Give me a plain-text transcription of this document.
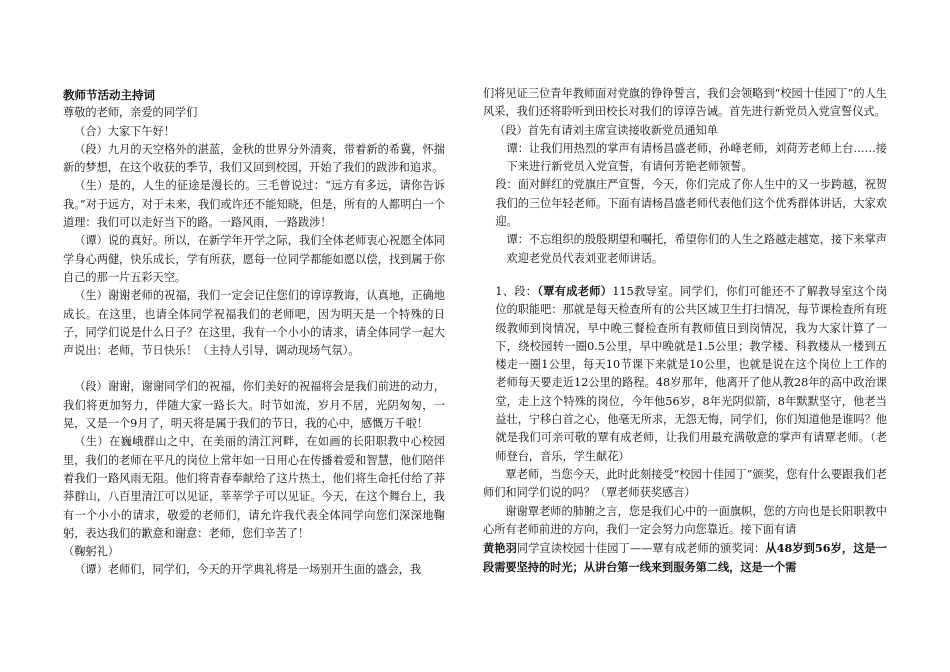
教师节活动主持词

尊敬的老师，亲爱的同学们

（合）大家下午好！

（段）九月的天空格外的湛蓝，金秋的世界分外清爽，带着新的希冀，怀揣新的梦想，在这个收获的季节，我们又回到校园，开始了我们的跋涉和追求。

（生）是的，人生的征途是漫长的。三毛曾说过：“远方有多远，请你告诉我。”对于远方，对于未来，我们或许还不能知晓，但是，所有的人都明白一个道理：我们可以走好当下的路。一路风雨，一路跋涉！

（谭）说的真好。所以，在新学年开学之际，我们全体老师衷心祝愿全体同学身心两健，快乐成长，学有所获，愿每一位同学都能如愿以偿，找到属于你自己的那一片五彩天空。

（生）谢谢老师的祝福，我们一定会记住您们的谆谆教诲，认真地，正确地成长。在这里，也请全体同学祝福我们的老师吧，因为明天是一个特殊的日子，同学们说是什么日子？在这里，我有一个小小的请求，请全体同学一起大声说出：老师，节日快乐！（主持人引导，调动现场气氛）。

（段）谢谢，谢谢同学们的祝福，你们美好的祝福将会是我们前进的动力，我们将更加努力，伴随大家一路长大。时节如流，岁月不居，光阴匆匆，一晃，又是一个9月了，明天将是属于我们的节日，我的心中，感慨万千啦！

（生）在巍峨群山之中，在美丽的清江河畔，在如画的长阳职教中心校园里，我们的老师在平凡的岗位上常年如一日用心在传播着爱和智慧，他们陪伴着我们一路风雨无阻。他们将青春奉献给了这片热土，他们将生命托付给了莽莽群山，八百里清江可以见证，莘莘学子可以见证。今天，在这个舞台上，我有一个小小的请求，敬爱的老师们，请允许我代表全体同学向您们深深地鞠躬，表达我们的歉意和谢意：老师，您们辛苦了！

（鞠躬礼）

（谭）老师们，同学们，今天的开学典礼将是一场别开生面的盛会，我

们将见证三位青年教师面对党旗的铮铮誓言，我们会领略到“校园十佳园丁”的人生风采，我们还将聆听到田校长对我们的谆谆告诫。首先进行新党员入党宣誓仪式。

（段）首先有请刘主席宣读接收新党员通知单

谭：让我们用热烈的掌声有请杨昌盛老师，孙峰老师，刘荷芳老师上台……接下来进行新党员入党宣誓，有请何芳艳老师领誓。

段：面对鲜红的党旗庄严宣誓，今天，你们完成了你人生中的又一步跨越，祝贺我们的三位年轻老师。下面有请杨昌盛老师代表他们这个优秀群体讲话，大家欢迎。

谭：不忘组织的殷殷期望和嘱托，希望你们的人生之路越走越宽，接下来掌声欢迎老党员代表刘亚老师讲话。

1、段：（覃有成老师）115教导室。同学们，你们可能还不了解教导室这个岗位的职能吧：那就是每天检查所有的公共区域卫生打扫情况，每节课检查所有班级教师到岗情况，早中晚三餐检查所有教师值日到岗情况，我为大家计算了一下，绕校园转一圈0.5公里，早中晚就是1.5公里；教学楼、科教楼从一楼到五楼走一圈1公里，每天10节课下来就是10公里，也就是说在这个岗位上工作的老师每天要走近12公里的路程。48岁那年，他离开了他从教28年的高中政治课堂，走上这个特殊的岗位，今年他56岁，8年光阴似箭，8年默默坚守，他老当益壮，宁移白首之心，他毫无所求，无怨无悔，同学们，你们知道他是谁吗？他就是我们可亲可敬的覃有成老师，让我们用最充满敬意的掌声有请覃老师。（老师登台，音乐，学生献花）

覃老师，当您今天，此时此刻接受“校园十佳园丁”颁奖，您有什么要跟我们老师们和同学们说的吗？（覃老师获奖感言）

谢谢覃老师的肺腑之言，您是我们心中的一面旗帜，您的方向也是长阳职教中心所有老师前进的方向，我们一定会努力向您靠近。接下面有请

黄艳羽同学宣读校园十佳园丁——覃有成老师的颁奖词：从48岁到56岁，这是一段需要坚持的时光；从讲台第一线来到服务第二线，这是一个需
